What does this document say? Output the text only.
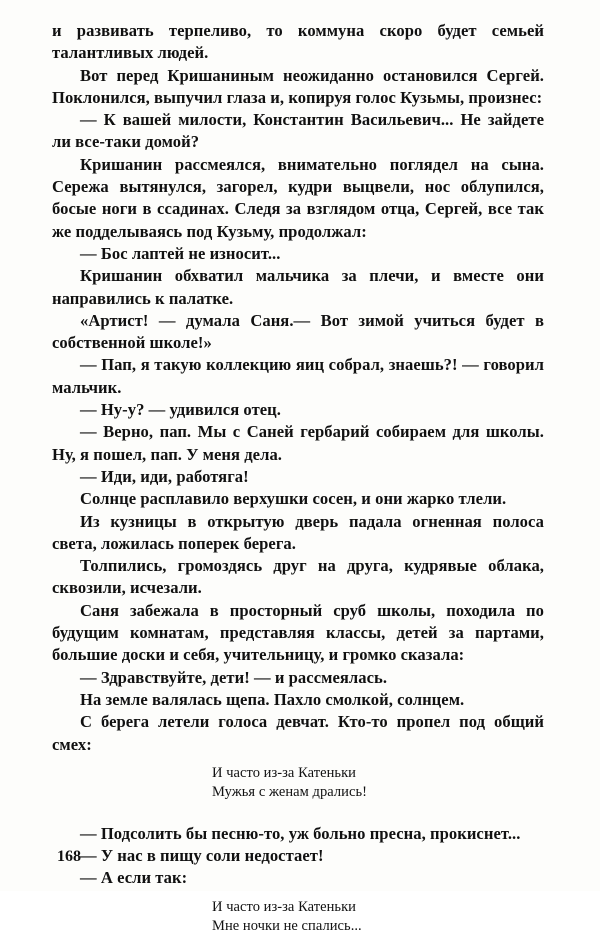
и развивать терпеливо, то коммуна скоро будет семьей талантливых людей.

Вот перед Кришаниным неожиданно остановился Сергей. Поклонился, выпучил глаза и, копируя голос Кузьмы, произнес:

— К вашей милости, Константин Васильевич... Не зайдете ли все-таки домой?

Кришанин рассмеялся, внимательно поглядел на сына. Сережа вытянулся, загорел, кудри выцвели, нос облупился, босые ноги в ссадинах. Следя за взглядом отца, Сергей, все так же подделываясь под Кузьму, продолжал:

— Бос лаптей не износит...

Кришанин обхватил мальчика за плечи, и вместе они направились к палатке.

«Артист! — думала Саня.— Вот зимой учиться будет в собственной школе!»

— Пап, я такую коллекцию яиц собрал, знаешь?! — говорил мальчик.

— Ну-у? — удивился отец.

— Верно, пап. Мы с Саней гербарий собираем для школы. Ну, я пошел, пап. У меня дела.

— Иди, иди, работяга!

Солнце расплавило верхушки сосен, и они жарко тлели.

Из кузницы в открытую дверь падала огненная полоса света, ложилась поперек берега.

Толпились, громоздясь друг на друга, кудрявые облака, сквозили, исчезали.

Саня забежала в просторный сруб школы, походила по будущим комнатам, представляя классы, детей за партами, большие доски и себя, учительницу, и громко сказала:

— Здравствуйте, дети! — и рассмеялась.

На земле валялась щепа. Пахло смолкой, солнцем.

С берега летели голоса девчат. Кто-то пропел под общий смех:

И часто из-за Катеньки
Мужья с женам дрались!

— Подсолить бы песню-то, уж больно пресна, прокиснет...

— У нас в пищу соли недостает!

— А если так:

И часто из-за Катеньки
Мне ночки не спались...
168
